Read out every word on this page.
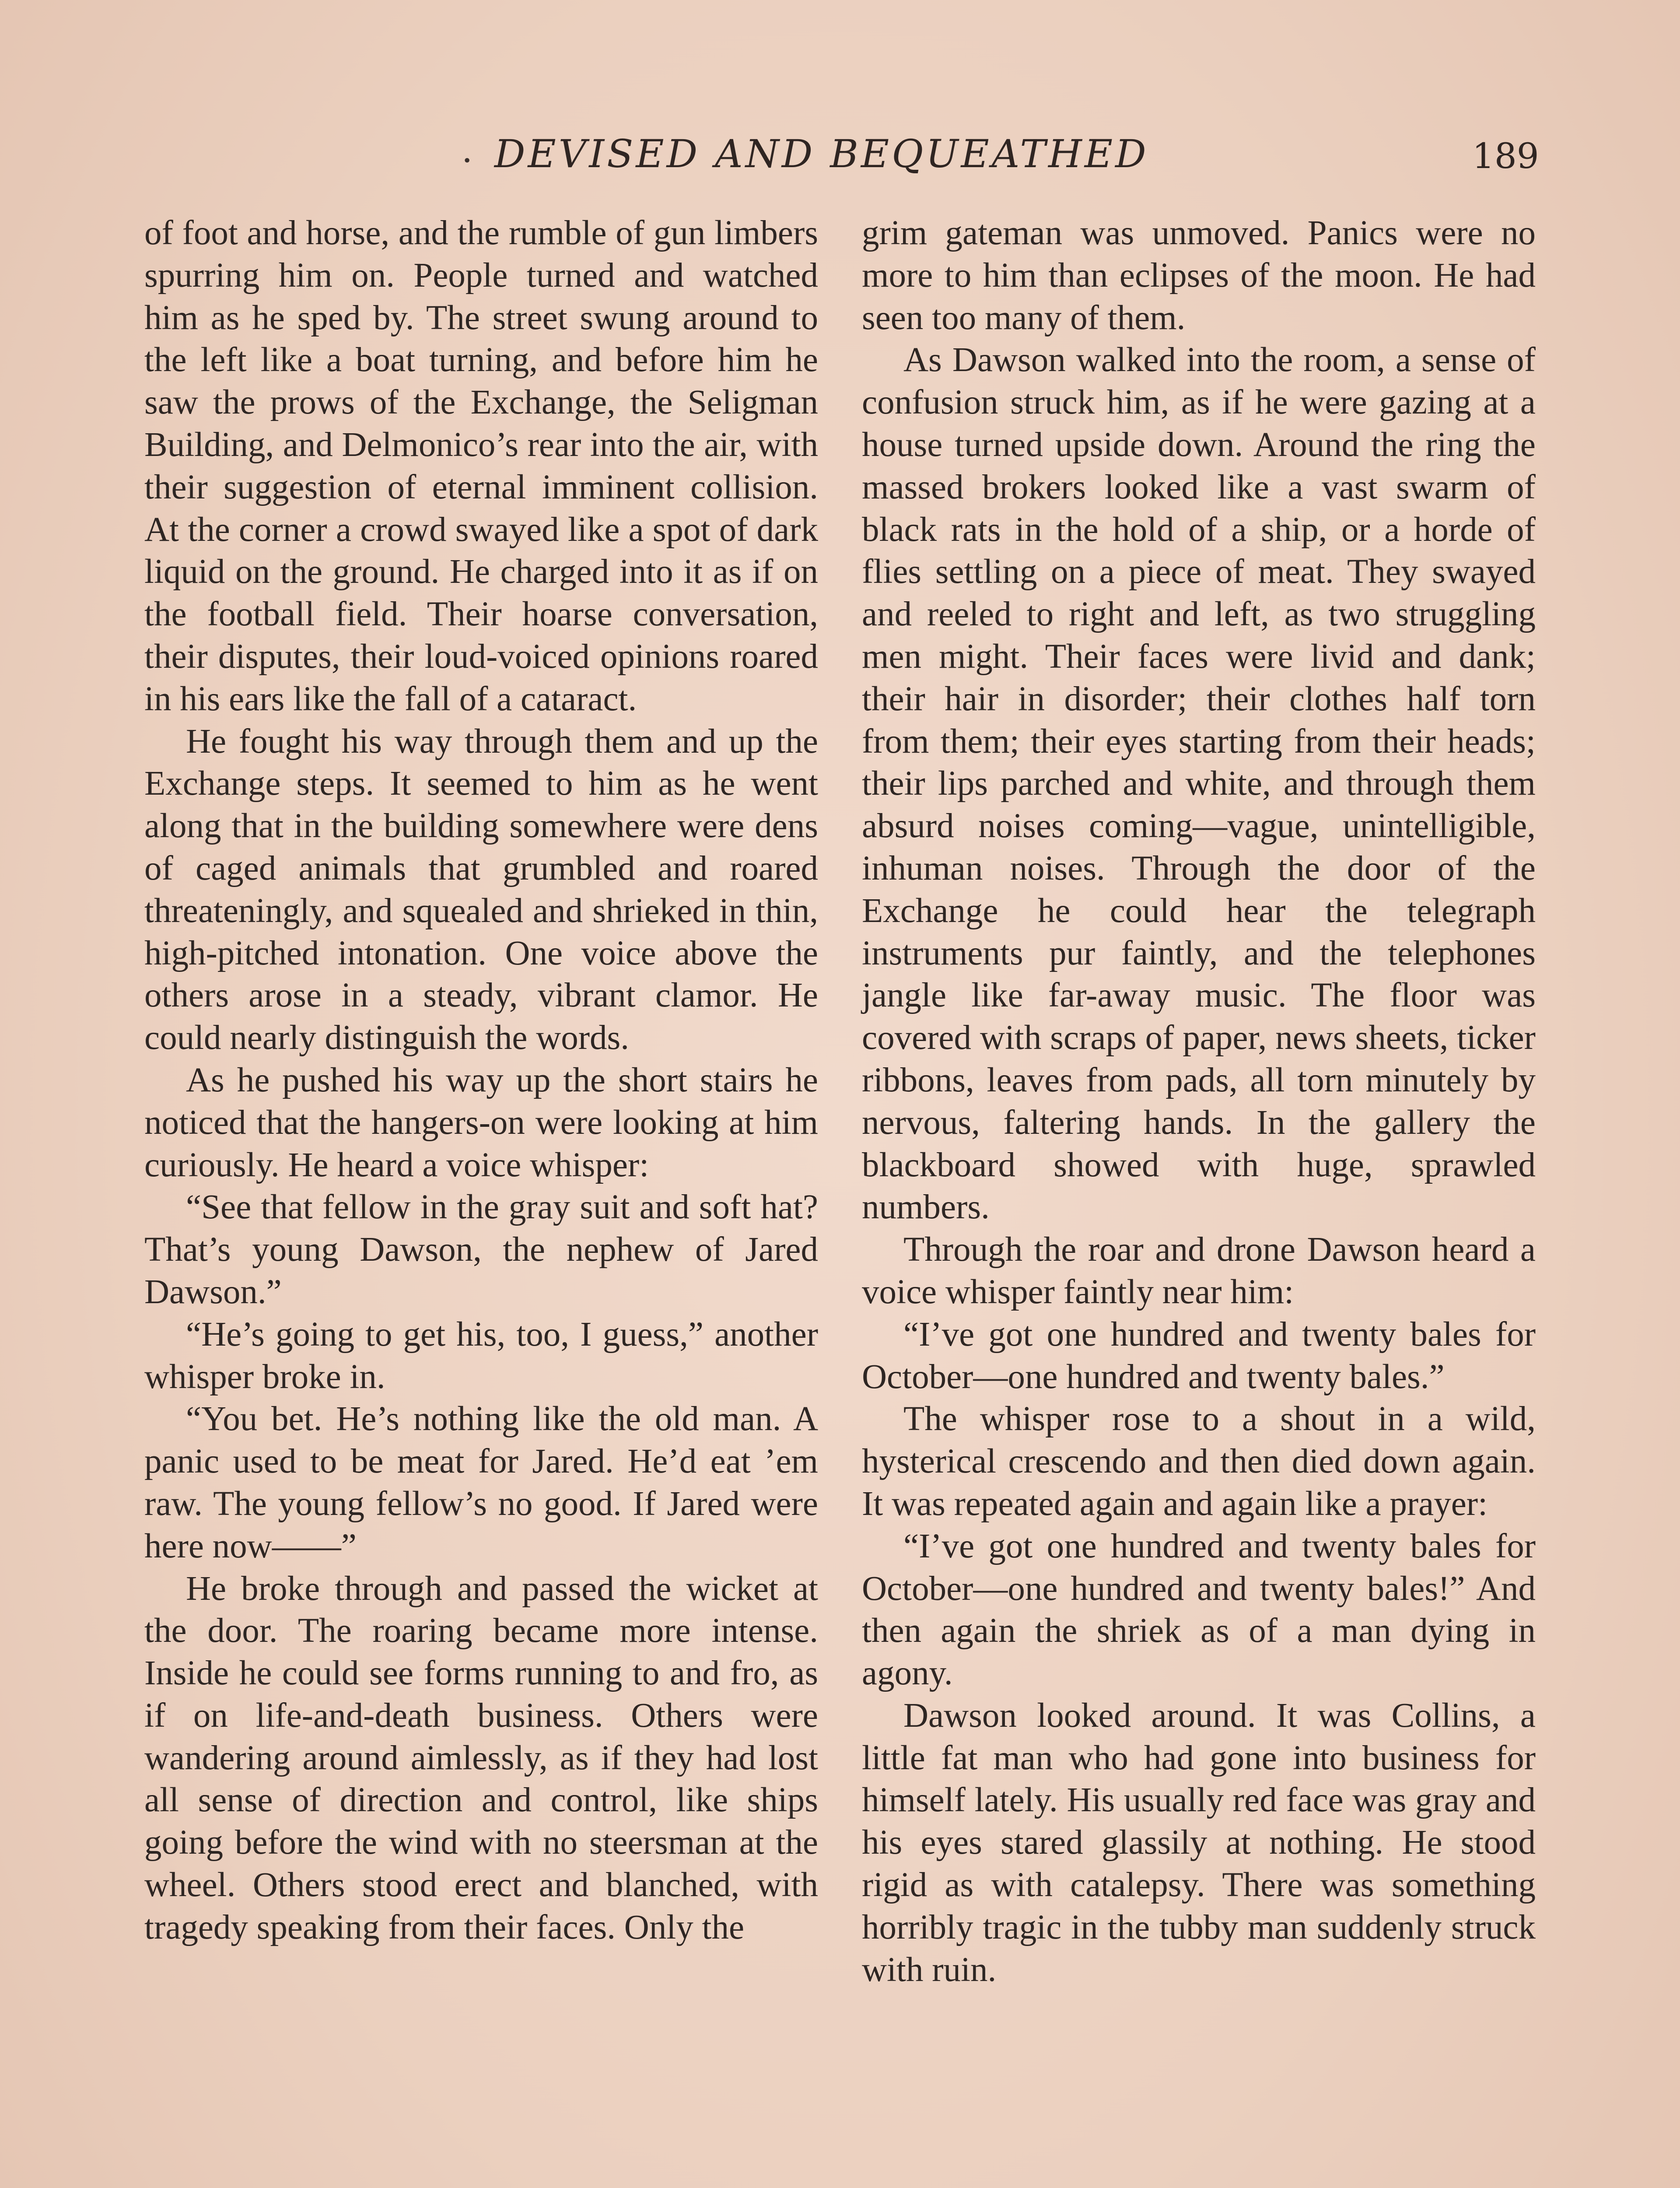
· DEVISED AND BEQUEATHED	189

of foot and horse, and the rumble of gun limbers spurring him on. People turned and watched him as he sped by. The street swung around to the left like a boat turning, and before him he saw the prows of the Exchange, the Seligman Building, and Delmonico’s rear into the air, with their suggestion of eternal imminent collision. At the corner a crowd swayed like a spot of dark liquid on the ground. He charged into it as if on the football field. Their hoarse conversation, their disputes, their loud-voiced opinions roared in his ears like the fall of a cataract.

He fought his way through them and up the Exchange steps. It seemed to him as he went along that in the building somewhere were dens of caged animals that grumbled and roared threateningly, and squealed and shrieked in thin, high-pitched intonation. One voice above the others arose in a steady, vibrant clamor. He could nearly distinguish the words.

As he pushed his way up the short stairs he noticed that the hangers-on were looking at him curiously. He heard a voice whisper:

“See that fellow in the gray suit and soft hat? That’s young Dawson, the nephew of Jared Dawson.”

“He’s going to get his, too, I guess,” another whisper broke in.

“You bet. He’s nothing like the old man. A panic used to be meat for Jared. He’d eat ’em raw. The young fellow’s no good. If Jared were here now——”

He broke through and passed the wicket at the door. The roaring became more intense. Inside he could see forms running to and fro, as if on life-and-death business. Others were wandering around aimlessly, as if they had lost all sense of direction and control, like ships going before the wind with no steersman at the wheel. Others stood erect and blanched, with tragedy speaking from their faces. Only the

grim gateman was unmoved. Panics were no more to him than eclipses of the moon. He had seen too many of them.

As Dawson walked into the room, a sense of confusion struck him, as if he were gazing at a house turned upside down. Around the ring the massed brokers looked like a vast swarm of black rats in the hold of a ship, or a horde of flies settling on a piece of meat. They swayed and reeled to right and left, as two struggling men might. Their faces were livid and dank; their hair in disorder; their clothes half torn from them; their eyes starting from their heads; their lips parched and white, and through them absurd noises coming—vague, unintelligible, inhuman noises. Through the door of the Exchange he could hear the telegraph instruments pur faintly, and the telephones jangle like far-away music. The floor was covered with scraps of paper, news sheets, ticker ribbons, leaves from pads, all torn minutely by nervous, faltering hands. In the gallery the blackboard showed with huge, sprawled numbers.

Through the roar and drone Dawson heard a voice whisper faintly near him:

“I’ve got one hundred and twenty bales for October—one hundred and twenty bales.”

The whisper rose to a shout in a wild, hysterical crescendo and then died down again. It was repeated again and again like a prayer:

“I’ve got one hundred and twenty bales for October—one hundred and twenty bales!” And then again the shriek as of a man dying in agony.

Dawson looked around. It was Collins, a little fat man who had gone into business for himself lately. His usually red face was gray and his eyes stared glassily at nothing. He stood rigid as with catalepsy. There was something horribly tragic in the tubby man suddenly struck with ruin.
